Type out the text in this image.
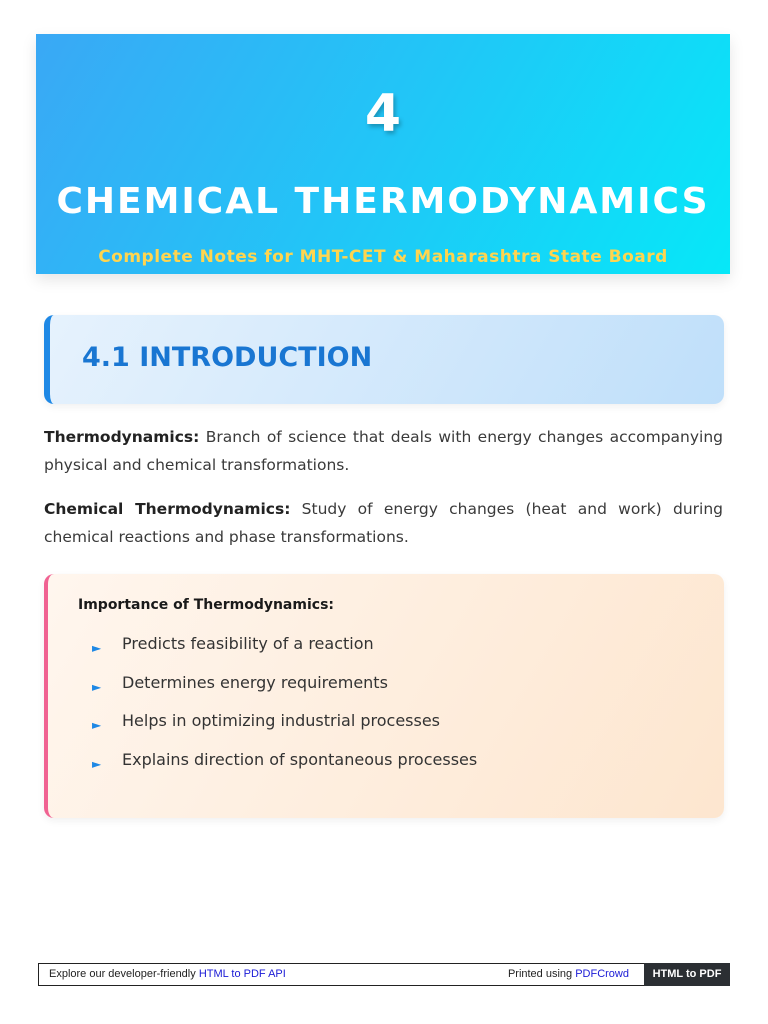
4
CHEMICAL THERMODYNAMICS
Complete Notes for MHT-CET & Maharashtra State Board
4.1 INTRODUCTION

Thermodynamics: Branch of science that deals with energy changes accompanying physical and chemical transformations.

Chemical Thermodynamics: Study of energy changes (heat and work) during chemical reactions and phase transformations.

Importance of Thermodynamics:
► Predicts feasibility of a reaction
► Determines energy requirements
► Helps in optimizing industrial processes
► Explains direction of spontaneous processes
Explore our developer-friendly HTML to PDF API	Printed using PDFCrowd	HTML to PDF
